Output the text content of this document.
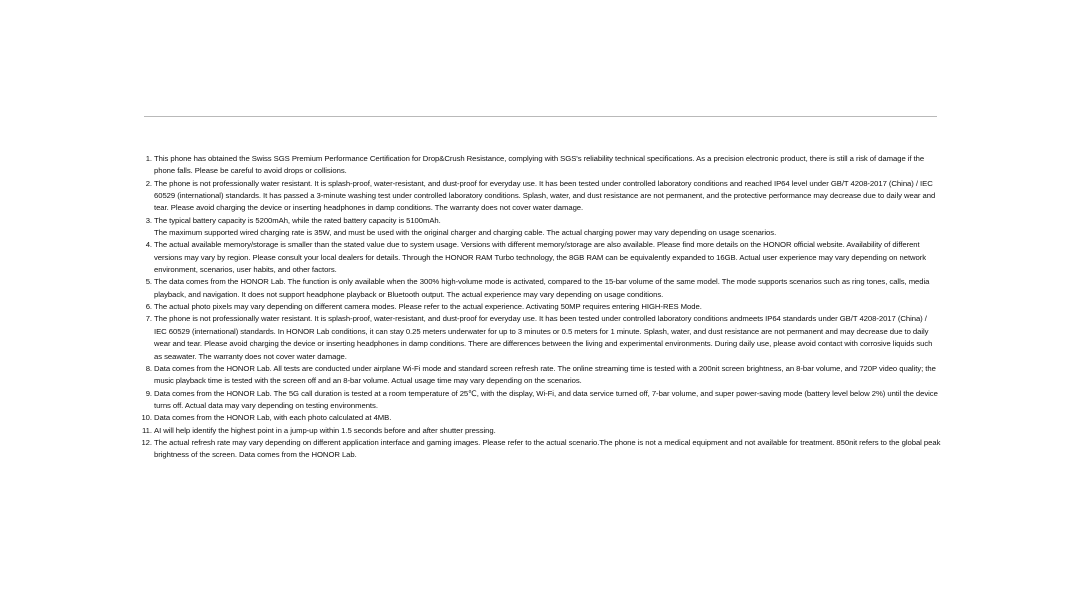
1. This phone has obtained the Swiss SGS Premium Performance Certification for Drop&Crush Resistance, complying with SGS's reliability technical specifications. As a precision electronic product, there is still a risk of damage if the phone falls. Please be careful to avoid drops or collisions.
2. The phone is not professionally water resistant. It is splash-proof, water-resistant, and dust-proof for everyday use. It has been tested under controlled laboratory conditions and reached IP64 level under GB/T 4208-2017 (China) / IEC 60529 (international) standards. It has passed a 3-minute washing test under controlled laboratory conditions. Splash, water, and dust resistance are not permanent, and the protective performance may decrease due to daily wear and tear. Please avoid charging the device or inserting headphones in damp conditions. The warranty does not cover water damage.
3. The typical battery capacity is 5200mAh, while the rated battery capacity is 5100mAh.
The maximum supported wired charging rate is 35W, and must be used with the original charger and charging cable. The actual charging power may vary depending on usage scenarios.
4. The actual available memory/storage is smaller than the stated value due to system usage. Versions with different memory/storage are also available. Please find more details on the HONOR official website. Availability of different versions may vary by region. Please consult your local dealers for details. Through the HONOR RAM Turbo technology, the 8GB RAM can be equivalently expanded to 16GB. Actual user experience may vary depending on network environment, scenarios, user habits, and other factors.
5. The data comes from the HONOR Lab. The function is only available when the 300% high-volume mode is activated, compared to the 15-bar volume of the same model. The mode supports scenarios such as ring tones, calls, media playback, and navigation. It does not support headphone playback or Bluetooth output. The actual experience may vary depending on usage conditions.
6. The actual photo pixels may vary depending on different camera modes. Please refer to the actual experience. Activating 50MP requires entering HIGH-RES Mode.
7. The phone is not professionally water resistant. It is splash-proof, water-resistant, and dust-proof for everyday use. It has been tested under controlled laboratory conditions andmeets IP64 standards under GB/T 4208-2017 (China) / IEC 60529 (international) standards. In HONOR Lab conditions, it can stay 0.25 meters underwater for up to 3 minutes or 0.5 meters for 1 minute. Splash, water, and dust resistance are not permanent and may decrease due to daily wear and tear. Please avoid charging the device or inserting headphones in damp conditions. There are differences between the living and experimental environments. During daily use, please avoid contact with corrosive liquids such as seawater. The warranty does not cover water damage.
8. Data comes from the HONOR Lab. All tests are conducted under airplane Wi-Fi mode and standard screen refresh rate. The online streaming time is tested with a 200nit screen brightness, an 8-bar volume, and 720P video quality; the music playback time is tested with the screen off and an 8-bar volume. Actual usage time may vary depending on the scenarios.
9. Data comes from the HONOR Lab. The 5G call duration is tested at a room temperature of 25℃, with the display, Wi-Fi, and data service turned off, 7-bar volume, and super power-saving mode (battery level below 2%) until the device turns off. Actual data may vary depending on testing environments.
10. Data comes from the HONOR Lab, with each photo calculated at 4MB.
11. AI will help identify the highest point in a jump-up within 1.5 seconds before and after shutter pressing.
12. The actual refresh rate may vary depending on different application interface and gaming images. Please refer to the actual scenario.The phone is not a medical equipment and not available for treatment. 850nit refers to the global peak brightness of the screen. Data comes from the HONOR Lab.
